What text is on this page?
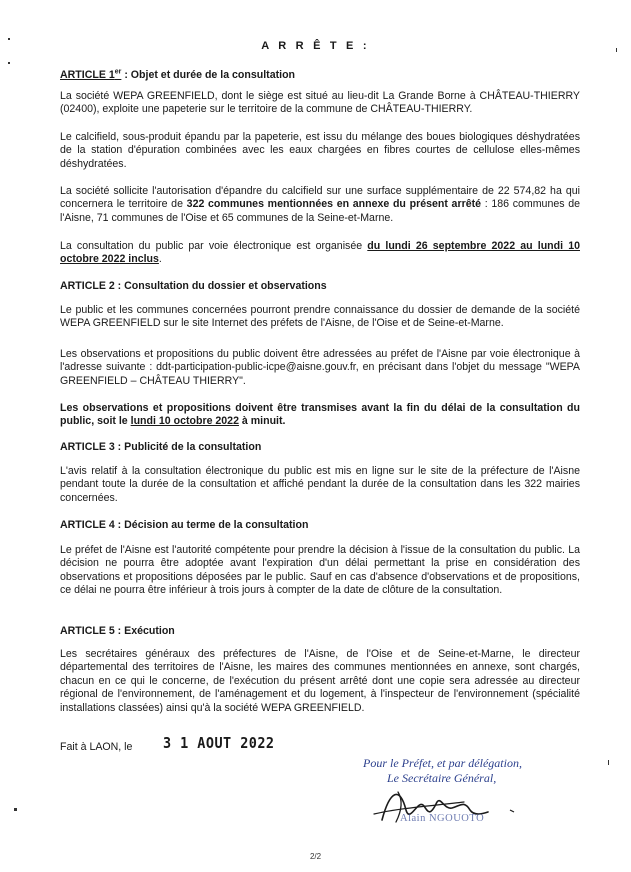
A R R Ê T E :
ARTICLE 1er : Objet et durée de la consultation
La société WEPA GREENFIELD, dont le siège est situé au lieu-dit La Grande Borne à CHÂTEAU-THIERRY (02400), exploite une papeterie sur le territoire de la commune de CHÂTEAU-THIERRY.
Le calcifield, sous-produit épandu par la papeterie, est issu du mélange des boues biologiques déshydratées de la station d'épuration combinées avec les eaux chargées en fibres courtes de cellulose elles-mêmes déshydratées.
La société sollicite l'autorisation d'épandre du calcifield sur une surface supplémentaire de 22 574,82 ha qui concernera le territoire de 322 communes mentionnées en annexe du présent arrêté : 186 communes de l'Aisne, 71 communes de l'Oise et 65 communes de la Seine-et-Marne.
La consultation du public par voie électronique est organisée du lundi 26 septembre 2022 au lundi 10 octobre 2022 inclus.
ARTICLE 2 : Consultation du dossier et observations
Le public et les communes concernées pourront prendre connaissance du dossier de demande de la société WEPA GREENFIELD sur le site Internet des préfets de l'Aisne, de l'Oise et de Seine-et-Marne.
Les observations et propositions du public doivent être adressées au préfet de l'Aisne par voie électronique à l'adresse suivante : ddt-participation-public-icpe@aisne.gouv.fr, en précisant dans l'objet du message "WEPA GREENFIELD – CHÂTEAU THIERRY".
Les observations et propositions doivent être transmises avant la fin du délai de la consultation du public, soit le lundi 10 octobre 2022 à minuit.
ARTICLE 3 : Publicité de la consultation
L'avis relatif à la consultation électronique du public est mis en ligne sur le site de la préfecture de l'Aisne pendant toute la durée de la consultation et affiché pendant la durée de la consultation dans les 322 mairies concernées.
ARTICLE 4 : Décision au terme de la consultation
Le préfet de l'Aisne est l'autorité compétente pour prendre la décision à l'issue de la consultation du public. La décision ne pourra être adoptée avant l'expiration d'un délai permettant la prise en considération des observations et propositions déposées par le public. Sauf en cas d'absence d'observations et de propositions, ce délai ne pourra être inférieur à trois jours à compter de la date de clôture de la consultation.
ARTICLE 5 : Exécution
Les secrétaires généraux des préfectures de l'Aisne, de l'Oise et de Seine-et-Marne, le directeur départemental des territoires de l'Aisne, les maires des communes mentionnées en annexe, sont chargés, chacun en ce qui le concerne, de l'exécution du présent arrêté dont une copie sera adressée au directeur régional de l'environnement, de l'aménagement et du logement, à l'inspecteur de l'environnement (spécialité installations classées) ainsi qu'à la société WEPA GREENFIELD.
Fait à LAON, le 3 1 AOUT 2022
Pour le Préfet, et par délégation,
Le Secrétaire Général,
Alain NGOUOTO
2/2
